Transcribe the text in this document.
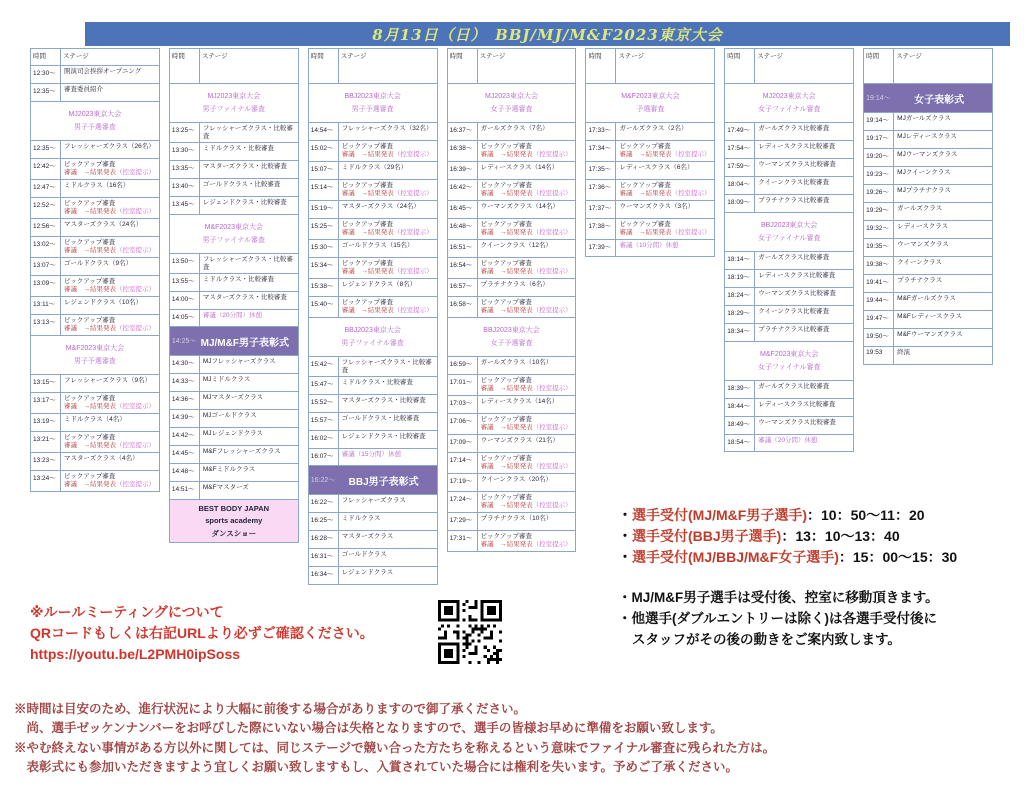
8月13日（日）　BBJ/MJ/M&F2023東京大会
時間	ステージ
12:30～	開演司会挨拶オープニング
12:35～	審査委員紹介
MJ2023東京大会
男子予選審査
12:35～	フレッシャーズクラス（26名）
12:42～	ピックアップ審査
審議　→結果発表（控室提示）
12:47～	ミドルクラス（16名）
12:52～	ピックアップ審査
審議　→結果発表（控室提示）
12:56～	マスターズクラス（24名）
13:02～	ピックアップ審査
審議　→結果発表（控室提示）
13:07～	ゴールドクラス（9名）
13:09～	ピックアップ審査
審議　→結果発表（控室提示）
13:11～	レジェンドクラス（10名）
13:13～	ピックアップ審査
審議　→結果発表（控室提示）
M&F2023東京大会
男子予選審査
13:15～	フレッシャーズクラス（9名）
13:17～	ピックアップ審査
審議　→結果発表（控室提示）
13:19～	ミドルクラス（4名）
13:21～	ピックアップ審査
審議　→結果発表（控室提示）
13:23～	マスターズクラス（4名）
13:24～	ピックアップ審査
審議　→結果発表（控室提示）
時間	ステージ
MJ2023東京大会
男子ファイナル審査
13:25～	フレッシャーズクラス・比較審査
13:30～	ミドルクラス・比較審査
13:35～	マスターズクラス・比較審査
13:40～	ゴールドクラス・比較審査
13:45～	レジェンドクラス・比較審査
M&F2023東京大会
男子ファイナル審査
13:50～	フレッシャーズクラス・比較審査
13:55～	ミドルクラス・比較審査
14:00～	マスターズクラス・比較審査
14:05～	審議（20分間）休憩
14:25～ MJ/M&F男子表彰式
14:30～	MJフレッシャーズクラス
14:33～	MJミドルクラス
14:36～	MJマスターズクラス
14:39～	MJゴールドクラス
14:42～	MJレジェンドクラス
14:45～	M&Fフレッシャーズクラス
14:48～	M&Fミドルクラス
14:51～	M&Fマスターズ
BEST BODY JAPAN
sports academy
ダンスショー
時間	ステージ
BBJ2023東京大会
男子予選審査
14:54～	フレッシャーズクラス（32名）
15:02～	ピックアップ審査
審議　→結果発表（控室提示）
15:07～	ミドルクラス（29名）
15:14～	ピックアップ審査
審議　→結果発表（控室提示）
15:19～	マスターズクラス（24名）
15:25～	ピックアップ審査
審議　→結果発表（控室提示）
15:30～	ゴールドクラス（15名）
15:34～	ピックアップ審査
審議　→結果発表（控室提示）
15:38～	レジェンドクラス（8名）
15:40～	ピックアップ審査
審議　→結果発表（控室提示）
BBJ2023東京大会
男子ファイナル審査
15:42～	フレッシャーズクラス・比較審査
15:47～	ミドルクラス・比較審査
15:52～	マスターズクラス・比較審査
15:57～	ゴールドクラス・比較審査
16:02～	レジェンドクラス・比較審査
16:07～	審議（15分間）休憩
16:22～	BBJ男子表彰式
16:22～	フレッシャーズクラス
16:25～	ミドルクラス
16:28～	マスターズクラス
16:31～	ゴールドクラス
16:34～	レジェンドクラス
時間	ステージ
MJ2023東京大会
女子予選審査
16:37～	ガールズクラス（7名）
16:38～	ピックアップ審査
審議　→結果発表（控室提示）
16:39～	レディースクラス（14名）
16:42～	ピックアップ審査
審議　→結果発表（控室提示）
16:45～	ウーマンズクラス（14名）
16:48～	ピックアップ審査
審議　→結果発表（控室提示）
16:51～	クイーンクラス（12名）
16:54～	ピックアップ審査
審議　→結果発表（控室提示）
16:57～	プラチナクラス（6名）
16:58～	ピックアップ審査
審議　→結果発表（控室提示）
BBJ2023東京大会
女子予選審査
16:59～	ガールズクラス（10名）
17:01～	ピックアップ審査
審議　→結果発表（控室提示）
17:03～	レディースクラス（14名）
17:06～	ピックアップ審査
審議　→結果発表（控室提示）
17:09～	ウーマンズクラス（21名）
17:14～	ピックアップ審査
審議　→結果発表（控室提示）
17:19～	クイーンクラス（20名）
17:24～	ピックアップ審査
審議　→結果発表（控室提示）
17:29～	プラチナクラス（10名）
17:31～	ピックアップ審査
審議　→結果発表（控室提示）
時間	ステージ
M&F2023東京大会
予選審査
17:33～	ガールズクラス（2名）
17:34～	ピックアップ審査
審議　→結果発表（控室提示）
17:35～	レディースクラス（6名）
17:36～	ピックアップ審査
審議　→結果発表（控室提示）
17:37～	ウーマンズクラス（3名）
17:38～	ピックアップ審査
審議　→結果発表（控室提示）
17:39～	審議（10分間）休憩
時間	ステージ
MJ2023東京大会
女子ファイナル審査
17:49～	ガールズクラス比較審査
17:54～	レディースクラス比較審査
17:59～	ウーマンズクラス比較審査
18:04～	クイーンクラス比較審査
18:09～	プラチナクラス比較審査
BBJ2023東京大会
女子ファイナル審査
18:14～	ガールズクラス比較審査
18:19～	レディースクラス比較審査
18:24～	ウーマンズクラス比較審査
18:29～	クイーンクラス比較審査
18:34～	プラチナクラス比較審査
M&F2023東京大会
女子ファイナル審査
18:39～	ガールズクラス比較審査
18:44～	レディースクラス比較審査
18:49～	ウーマンズクラス比較審査
18:54～	審議（20分間）休憩
時間	ステージ
19:14～	女子表彰式
19:14～	MJガールズクラス
19:17～	MJレディースクラス
19:20～	MJウーマンズクラス
19:23～	MJクイーンクラス
19:26～	MJプラチナクラス
19:29～	ガールズクラス
19:32～	レディースクラス
19:35～	ウーマンズクラス
19:38～	クイーンクラス
19:41～	プラチナクラス
19:44～	M&Fガールズクラス
19:47～	M&Fレディースクラス
19:50～	M&Fウーマンズクラス
19:53	終演
・選手受付(MJ/M&F男子選手)：10：50～11：20
・選手受付(BBJ男子選手)：13：10～13：40
・選手受付(MJ/BBJ/M&F女子選手)：15：00～15：30
・MJ/M&F男子選手は受付後、控室に移動頂きます。
・他選手(ダブルエントリーは除く)は各選手受付後に
スタッフがその後の動きをご案内致します。
※ルールミーティングについて
QRコードもしくは右記URLより必ずご確認ください。
https://youtu.be/L2PMH0ipSoss
※時間は目安のため、進行状況により大幅に前後する場合がありますので御了承ください。
　尚、選手ゼッケンナンバーをお呼びした際にいない場合は失格となりますので、選手の皆様お早めに準備をお願い致します。
※やむ終えない事情がある方以外に関しては、同じステージで競い合った方たちを称えるという意味でファイナル審査に残られた方は。
　表彰式にも参加いただきますよう宜しくお願い致しますもし、入賞されていた場合には権利を失います。予めご了承ください。
